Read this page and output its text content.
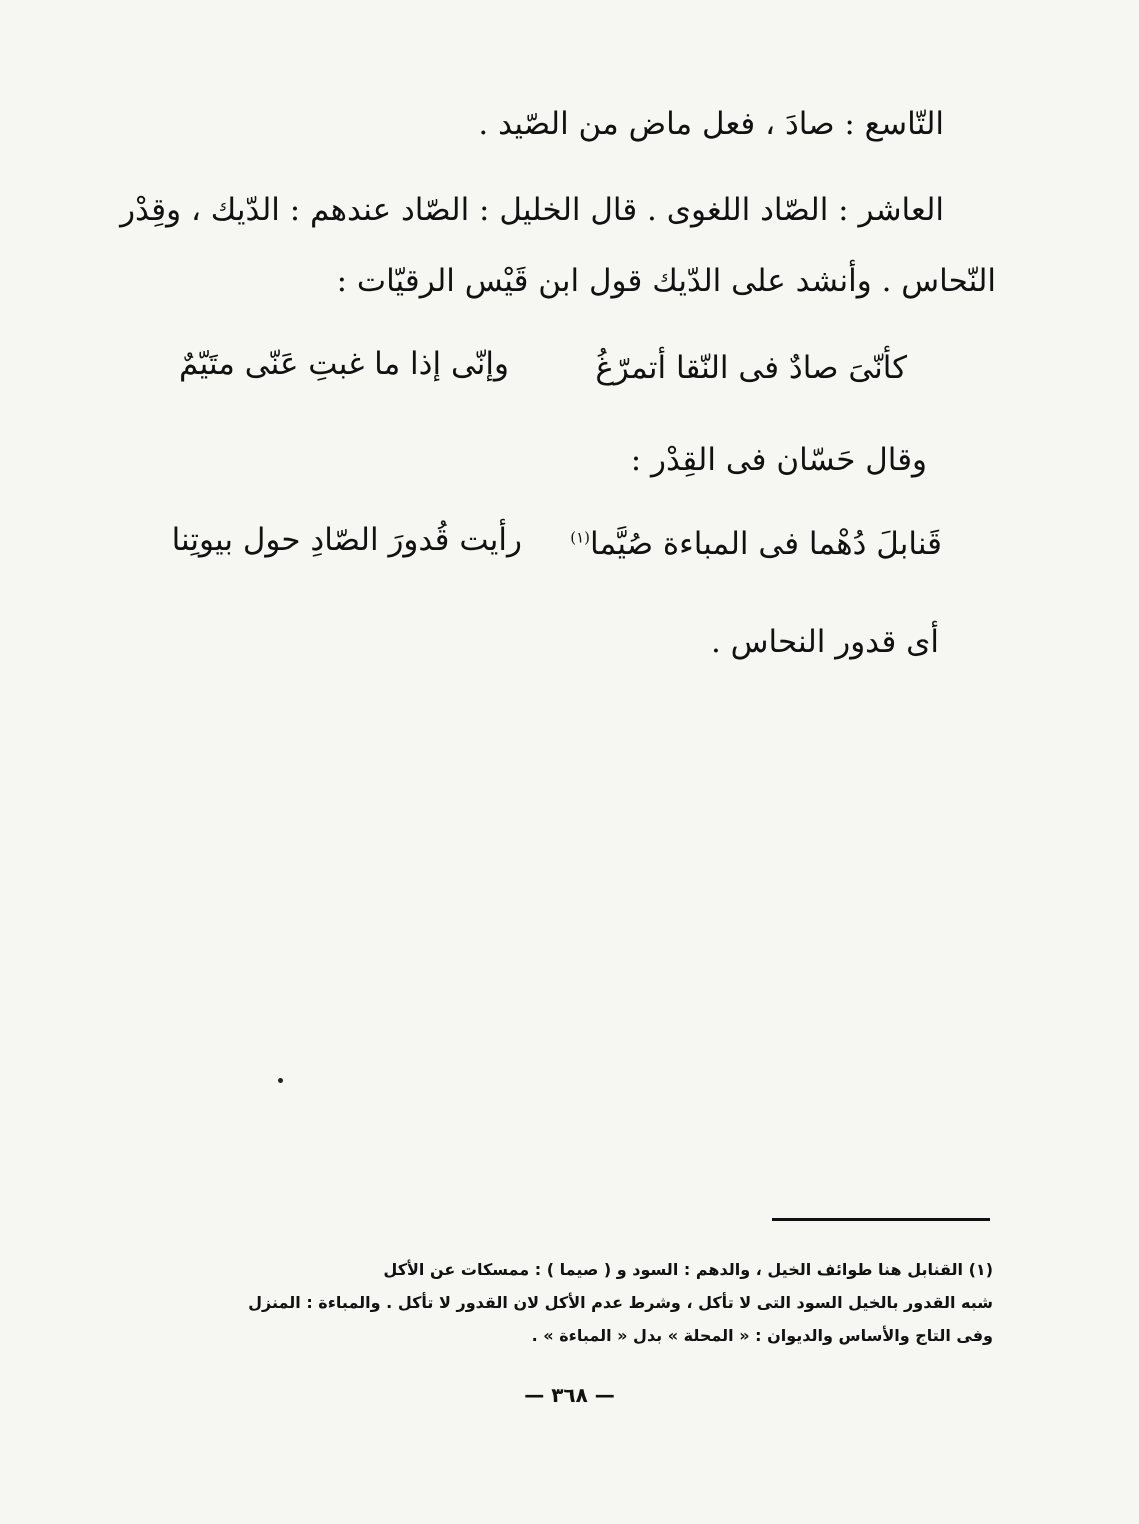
التّاسع : صادَ ، فعل ماض من الصّيد .
العاشر : الصّاد اللغوى . قال الخليل : الصّاد عندهم : الدّيك ، وقِدْر
النّحاس . وأنشد على الدّيك قول ابن قَيْس الرقيّات :
كأنّىَ صادٌ فى النّقا أتمرّغُ
وإنّى إذا ما غبتِ عَنّى متَيّمٌ
وقال حَسّان فى القِدْر :
قَنابلَ دُهْما فى المباءة صُيَّما$^{(١)}$
رأيت قُدورَ الصّادِ حول بيوتِنا
أى قدور النحاس .
(١) القنابل هنا طوائف الخيل ، والدهم : السود و ( صيما ) : ممسكات عن الأكل
شبه القدور بالخيل السود التى لا تأكل ، وشرط عدم الأكل لان القدور لا تأكل . والمباءة : المنزل
وفى التاج والأساس والديوان : « المحلة » بدل « المباءة » .
— ٣٦٨ —
